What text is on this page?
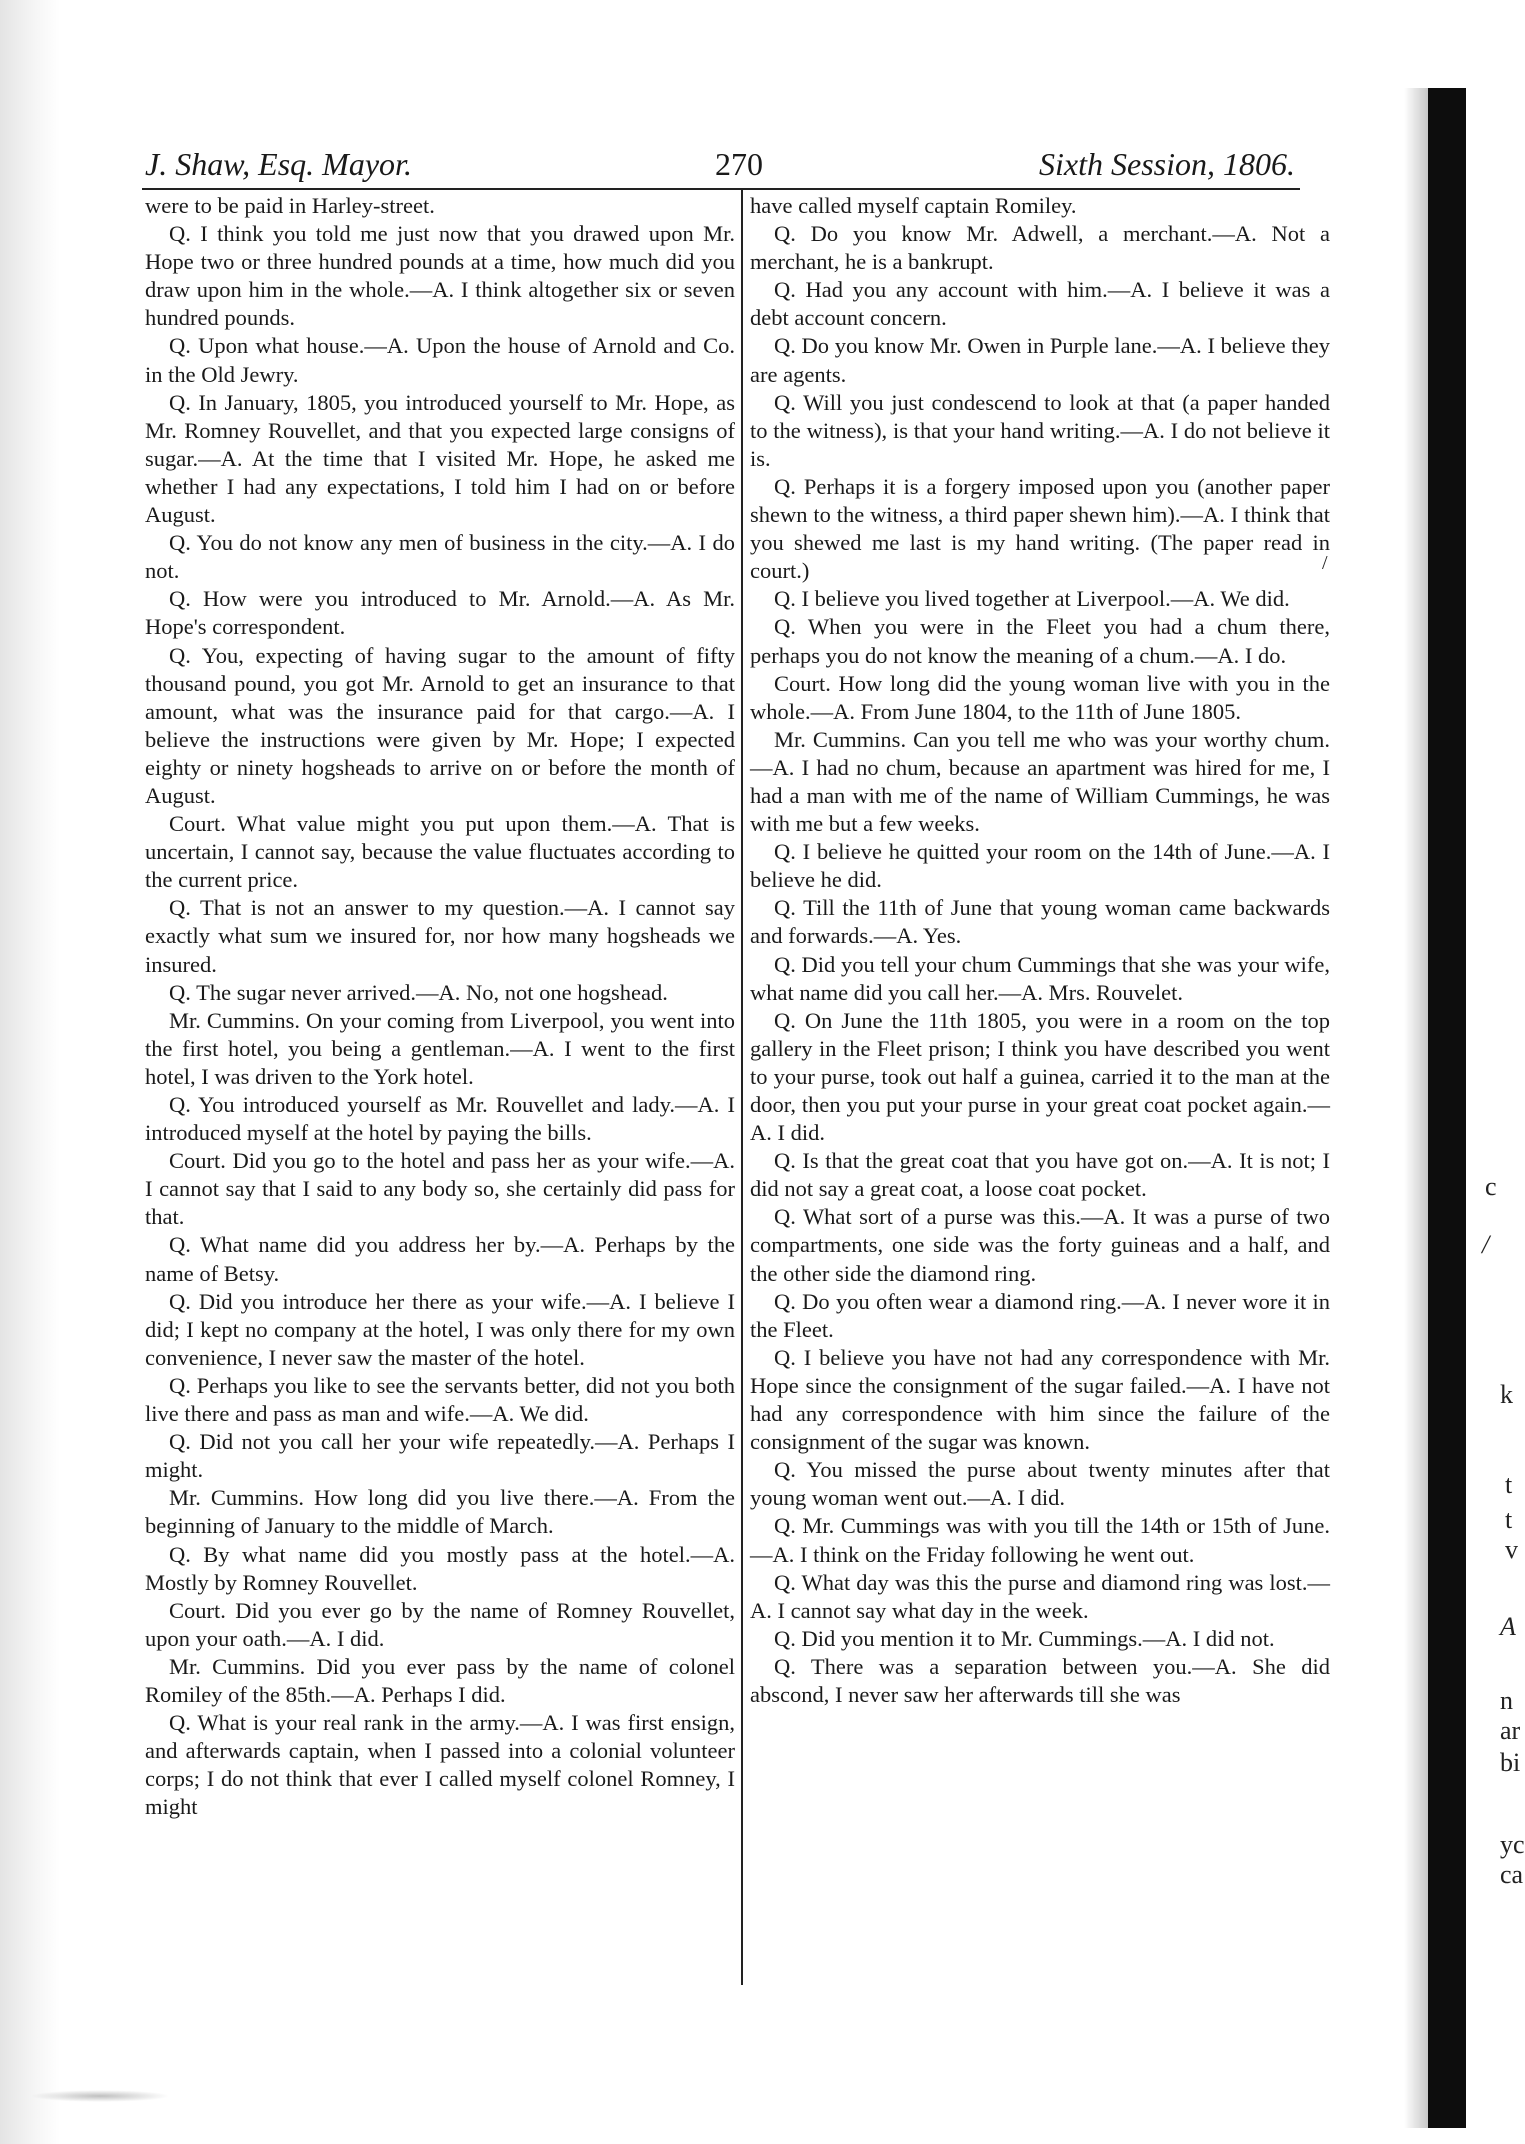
J. Shaw, Esq. Mayor.	270	Sixth Session, 1806.

were to be paid in Harley-street.

Q. I think you told me just now that you drawed upon Mr. Hope two or three hundred pounds at a time, how much did you draw upon him in the whole.—A. I think altogether six or seven hundred pounds.

Q. Upon what house.—A. Upon the house of Arnold and Co. in the Old Jewry.

Q. In January, 1805, you introduced yourself to Mr. Hope, as Mr. Romney Rouvellet, and that you expected large consigns of sugar.—A. At the time that I visited Mr. Hope, he asked me whether I had any expectations, I told him I had on or before August.

Q. You do not know any men of business in the city.—A. I do not.

Q. How were you introduced to Mr. Arnold.—A. As Mr. Hope's correspondent.

Q. You, expecting of having sugar to the amount of fifty thousand pound, you got Mr. Arnold to get an insurance to that amount, what was the insurance paid for that cargo.—A. I believe the instructions were given by Mr. Hope; I expected eighty or ninety hogsheads to arrive on or before the month of August.

Court. What value might you put upon them.—A. That is uncertain, I cannot say, because the value fluctuates according to the current price.

Q. That is not an answer to my question.—A. I cannot say exactly what sum we insured for, nor how many hogsheads we insured.

Q. The sugar never arrived.—A. No, not one hogshead.

Mr. Cummins. On your coming from Liverpool, you went into the first hotel, you being a gentleman.—A. I went to the first hotel, I was driven to the York hotel.

Q. You introduced yourself as Mr. Rouvellet and lady.—A. I introduced myself at the hotel by paying the bills.

Court. Did you go to the hotel and pass her as your wife.—A. I cannot say that I said to any body so, she certainly did pass for that.

Q. What name did you address her by.—A. Perhaps by the name of Betsy.

Q. Did you introduce her there as your wife.—A. I believe I did; I kept no company at the hotel, I was only there for my own convenience, I never saw the master of the hotel.

Q. Perhaps you like to see the servants better, did not you both live there and pass as man and wife.—A. We did.

Q. Did not you call her your wife repeatedly.—A. Perhaps I might.

Mr. Cummins. How long did you live there.—A. From the beginning of January to the middle of March.

Q. By what name did you mostly pass at the hotel.—A. Mostly by Romney Rouvellet.

Court. Did you ever go by the name of Romney Rouvellet, upon your oath.—A. I did.

Mr. Cummins. Did you ever pass by the name of colonel Romiley of the 85th.—A. Perhaps I did.

Q. What is your real rank in the army.—A. I was first ensign, and afterwards captain, when I passed into a colonial volunteer corps; I do not think that ever I called myself colonel Romney, I might

have called myself captain Romiley.

Q. Do you know Mr. Adwell, a merchant.—A. Not a merchant, he is a bankrupt.

Q. Had you any account with him.—A. I believe it was a debt account concern.

Q. Do you know Mr. Owen in Purple lane.—A. I believe they are agents.

Q. Will you just condescend to look at that (a paper handed to the witness), is that your hand writing.—A. I do not believe it is.

Q. Perhaps it is a forgery imposed upon you (another paper shewn to the witness, a third paper shewn him).—A. I think that you shewed me last is my hand writing. (The paper read in court.)

Q. I believe you lived together at Liverpool.—A. We did.

Q. When you were in the Fleet you had a chum there, perhaps you do not know the meaning of a chum.—A. I do.

Court. How long did the young woman live with you in the whole.—A. From June 1804, to the 11th of June 1805.

Mr. Cummins. Can you tell me who was your worthy chum.—A. I had no chum, because an apartment was hired for me, I had a man with me of the name of William Cummings, he was with me but a few weeks.

Q. I believe he quitted your room on the 14th of June.—A. I believe he did.

Q. Till the 11th of June that young woman came backwards and forwards.—A. Yes.

Q. Did you tell your chum Cummings that she was your wife, what name did you call her.—A. Mrs. Rouvelet.

Q. On June the 11th 1805, you were in a room on the top gallery in the Fleet prison; I think you have described you went to your purse, took out half a guinea, carried it to the man at the door, then you put your purse in your great coat pocket again.—A. I did.

Q. Is that the great coat that you have got on.—A. It is not; I did not say a great coat, a loose coat pocket.

Q. What sort of a purse was this.—A. It was a purse of two compartments, one side was the forty guineas and a half, and the other side the diamond ring.

Q. Do you often wear a diamond ring.—A. I never wore it in the Fleet.

Q. I believe you have not had any correspondence with Mr. Hope since the consignment of the sugar failed.—A. I have not had any correspondence with him since the failure of the consignment of the sugar was known.

Q. You missed the purse about twenty minutes after that young woman went out.—A. I did.

Q. Mr. Cummings was with you till the 14th or 15th of June.—A. I think on the Friday following he went out.

Q. What day was this the purse and diamond ring was lost.—A. I cannot say what day in the week.

Q. Did you mention it to Mr. Cummings.—A. I did not.

Q. There was a separation between you.—A. She did abscond, I never saw her afterwards till she was

c
k
t
t
v
A
n
ar
bi
yc
ca
/
/
